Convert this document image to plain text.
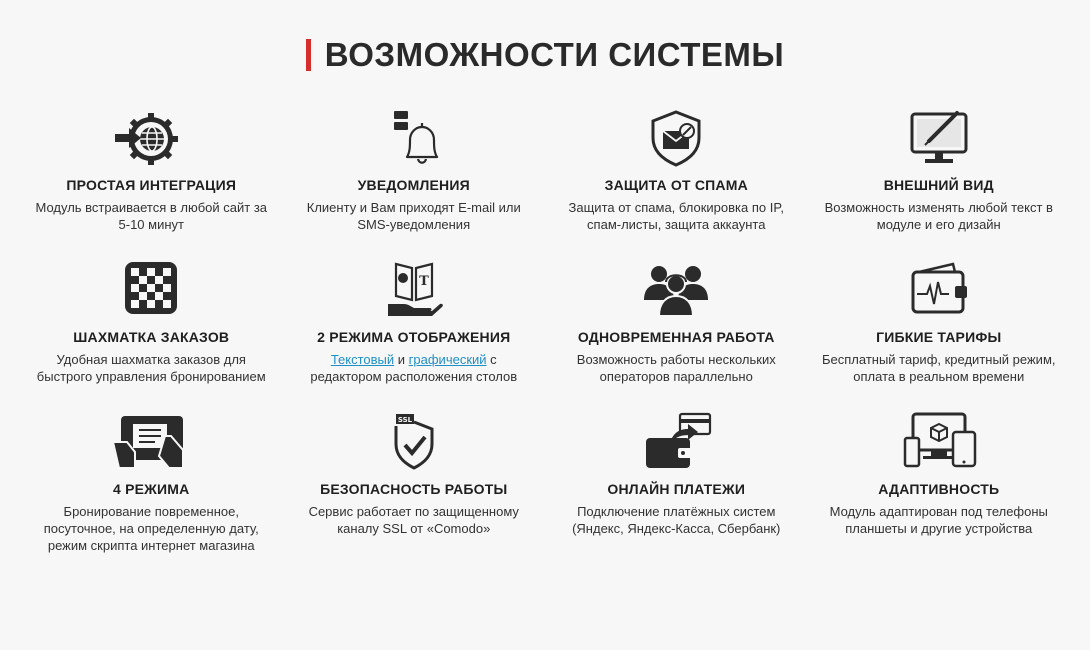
ВОЗМОЖНОСТИ СИСТЕМЫ
ПРОСТАЯ ИНТЕГРАЦИЯ
Модуль встраивается в любой сайт за 5-10 минут
УВЕДОМЛЕНИЯ
Клиенту и Вам приходят E-mail или SMS-уведомления
ЗАЩИТА ОТ СПАМА
Защита от спама, блокировка по IP, спам-листы, защита аккаунта
ВНЕШНИЙ ВИД
Возможность изменять любой текст в модуле и его дизайн
ШАХМАТКА ЗАКАЗОВ
Удобная шахматка заказов для быстрого управления бронированием
T
2 РЕЖИМА ОТОБРАЖЕНИЯ
Текстовый и графический с редактором расположения столов
ОДНОВРЕМЕННАЯ РАБОТА
Возможность работы нескольких операторов параллельно
ГИБКИЕ ТАРИФЫ
Бесплатный тариф, кредитный режим, оплата в реальном времени
4 РЕЖИМА
Бронирование повременное, посуточное, на определенную дату, режим скрипта интернет магазина
SSL
БЕЗОПАСНОСТЬ РАБОТЫ
Сервис работает по защищенному каналу SSL от «Comodo»
ОНЛАЙН ПЛАТЕЖИ
Подключение платёжных систем (Яндекс, Яндекс-Касса, Сбербанк)
АДАПТИВНОСТЬ
Модуль адаптирован под телефоны планшеты и другие устройства
